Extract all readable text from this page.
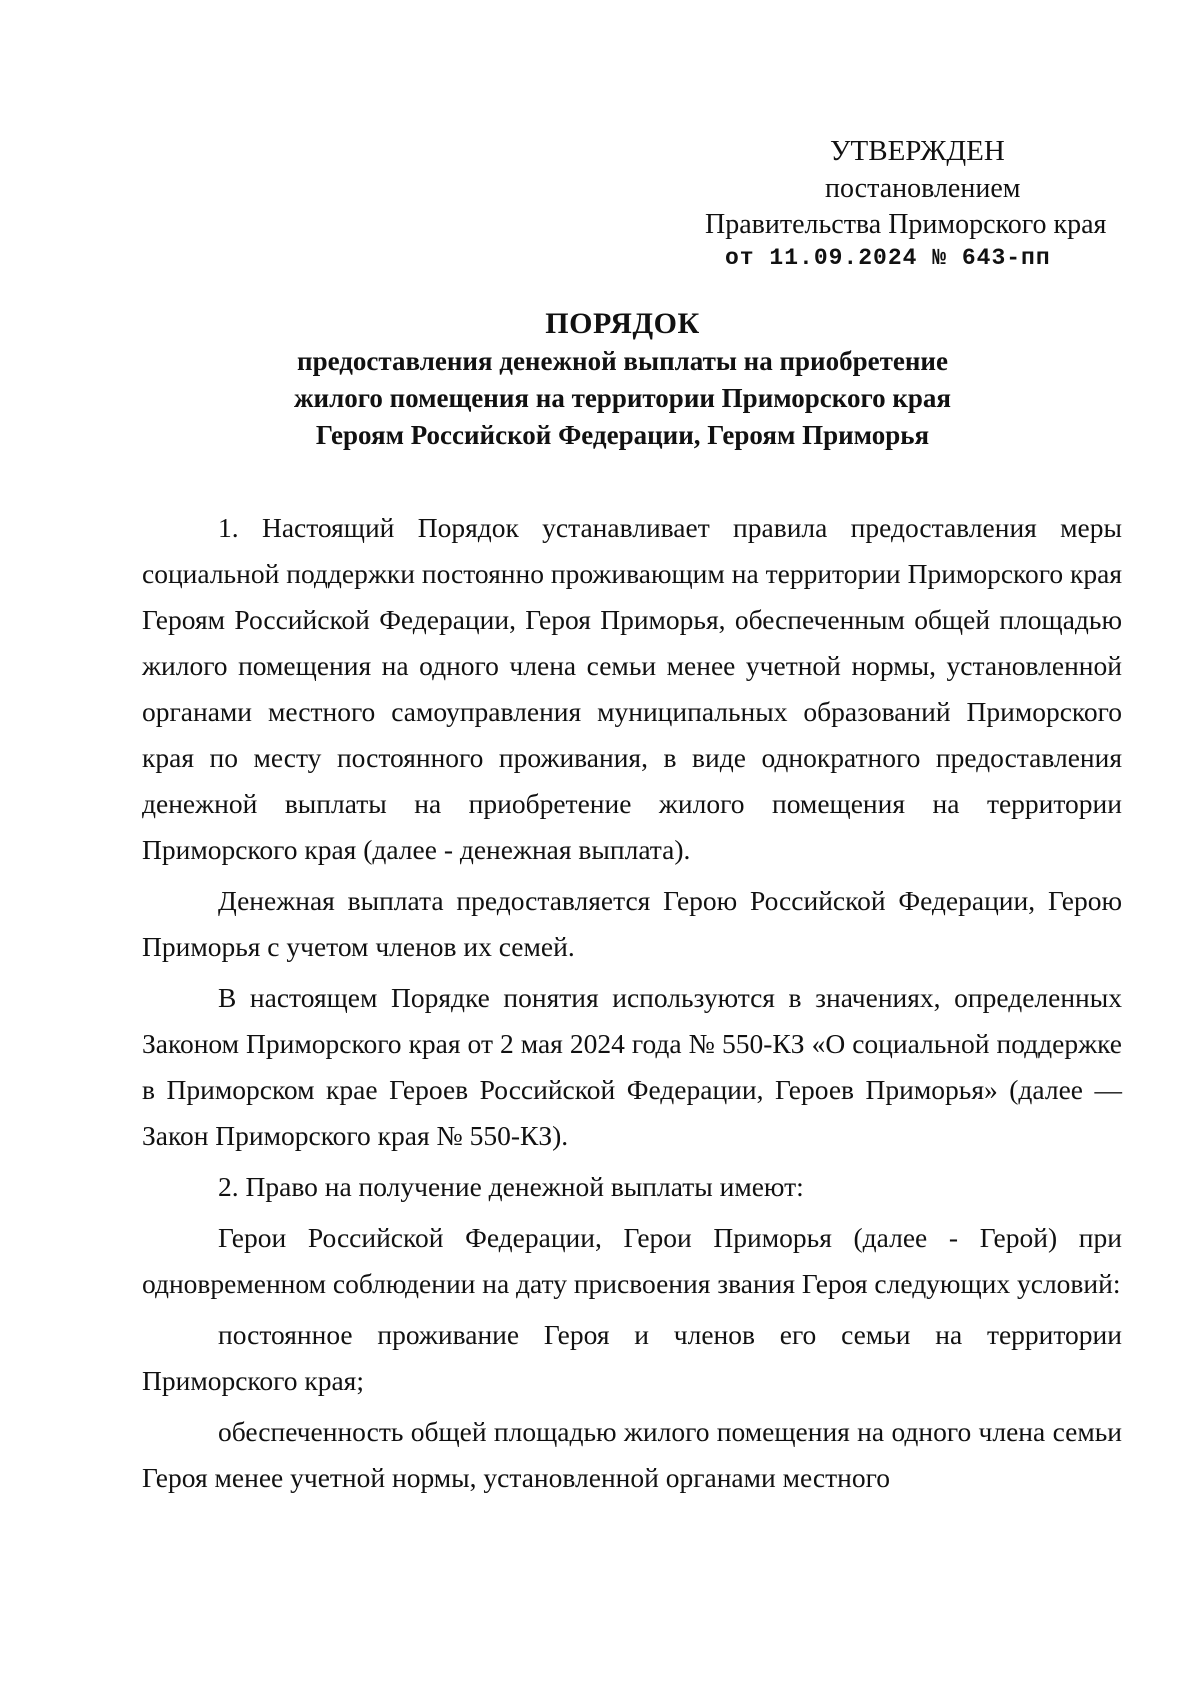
УТВЕРЖДЕН
постановлением
Правительства Приморского края
от 11.09.2024 № 643-пп
ПОРЯДОК
предоставления денежной выплаты на приобретение
жилого помещения на территории Приморского края
Героям Российской Федерации, Героям Приморья

1. Настоящий Порядок устанавливает правила предоставления меры социальной поддержки постоянно проживающим на территории Приморского края Героям Российской Федерации, Героя Приморья, обеспеченным общей площадью жилого помещения на одного члена семьи менее учетной нормы, установленной органами местного самоуправления муниципальных образований Приморского края по месту постоянного проживания, в виде однократного предоставления денежной выплаты на приобретение жилого помещения на территории Приморского края (далее - денежная выплата).

Денежная выплата предоставляется Герою Российской Федерации, Герою Приморья с учетом членов их семей.

В настоящем Порядке понятия используются в значениях, определенных Законом Приморского края от 2 мая 2024 года № 550-КЗ «О социальной поддержке в Приморском крае Героев Российской Федерации, Героев Приморья» (далее — Закон Приморского края № 550-КЗ).

2. Право на получение денежной выплаты имеют:

Герои Российской Федерации, Герои Приморья (далее - Герой) при одновременном соблюдении на дату присвоения звания Героя следующих условий:

постоянное проживание Героя и членов его семьи на территории Приморского края;

обеспеченность общей площадью жилого помещения на одного члена семьи Героя менее учетной нормы, установленной органами местного
